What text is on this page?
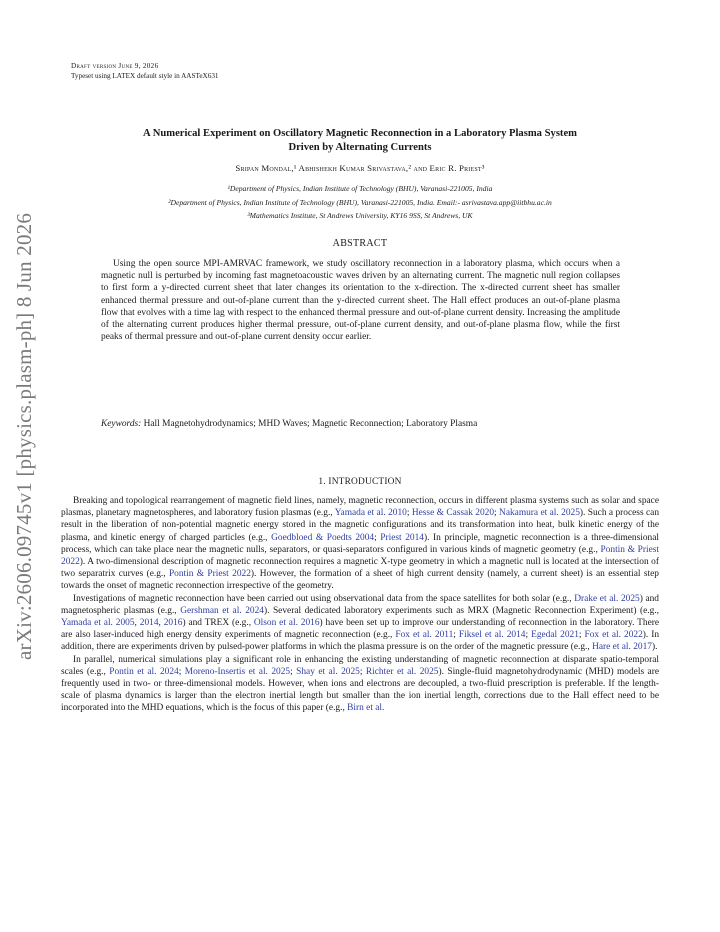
arXiv:2606.09745v1 [physics.plasm-ph] 8 Jun 2026
Draft version June 9, 2026
Typeset using LATEX default style in AASTeX631
A Numerical Experiment on Oscillatory Magnetic Reconnection in a Laboratory Plasma System
Driven by Alternating Currents
Sripan Mondal,¹ Abhishekh Kumar Srivastava,² and Eric R. Priest³
¹Department of Physics, Indian Institute of Technology (BHU), Varanasi-221005, India
²Department of Physics, Indian Institute of Technology (BHU), Varanasi-221005, India. Email:- asrivastava.app@iitbhu.ac.in
³Mathematics Institute, St Andrews University, KY16 9SS, St Andrews, UK
ABSTRACT
Using the open source MPI-AMRVAC framework, we study oscillatory reconnection in a laboratory plasma, which occurs when a magnetic null is perturbed by incoming fast magnetoacoustic waves driven by an alternating current. The magnetic null region collapses to first form a y-directed current sheet that later changes its orientation to the x-direction. The x-directed current sheet has smaller enhanced thermal pressure and out-of-plane current than the y-directed current sheet. The Hall effect produces an out-of-plane plasma flow that evolves with a time lag with respect to the enhanced thermal pressure and out-of-plane current density. Increasing the amplitude of the alternating current produces higher thermal pressure, out-of-plane current density, and out-of-plane plasma flow, while the first peaks of thermal pressure and out-of-plane current density occur earlier.
Keywords: Hall Magnetohydrodynamics; MHD Waves; Magnetic Reconnection; Laboratory Plasma
1. INTRODUCTION

Breaking and topological rearrangement of magnetic field lines, namely, magnetic reconnection, occurs in different plasma systems such as solar and space plasmas, planetary magnetospheres, and laboratory fusion plasmas (e.g., Yamada et al. 2010; Hesse & Cassak 2020; Nakamura et al. 2025). Such a process can result in the liberation of non-potential magnetic energy stored in the magnetic configurations and its transformation into heat, bulk kinetic energy of the plasma, and kinetic energy of charged particles (e.g., Goedbloed & Poedts 2004; Priest 2014). In principle, magnetic reconnection is a three-dimensional process, which can take place near the magnetic nulls, separators, or quasi-separators configured in various kinds of magnetic geometry (e.g., Pontin & Priest 2022). A two-dimensional description of magnetic reconnection requires a magnetic X-type geometry in which a magnetic null is located at the intersection of two separatrix curves (e.g., Pontin & Priest 2022). However, the formation of a sheet of high current density (namely, a current sheet) is an essential step towards the onset of magnetic reconnection irrespective of the geometry.

Investigations of magnetic reconnection have been carried out using observational data from the space satellites for both solar (e.g., Drake et al. 2025) and magnetospheric plasmas (e.g., Gershman et al. 2024). Several dedicated laboratory experiments such as MRX (Magnetic Reconnection Experiment) (e.g., Yamada et al. 2005, 2014, 2016) and TREX (e.g., Olson et al. 2016) have been set up to improve our understanding of reconnection in the laboratory. There are also laser-induced high energy density experiments of magnetic reconnection (e.g., Fox et al. 2011; Fiksel et al. 2014; Egedal 2021; Fox et al. 2022). In addition, there are experiments driven by pulsed-power platforms in which the plasma pressure is on the order of the magnetic pressure (e.g., Hare et al. 2017).

In parallel, numerical simulations play a significant role in enhancing the existing understanding of magnetic reconnection at disparate spatio-temporal scales (e.g., Pontin et al. 2024; Moreno-Insertis et al. 2025; Shay et al. 2025; Richter et al. 2025). Single-fluid magnetohydrodynamic (MHD) models are frequently used in two- or three-dimensional models. However, when ions and electrons are decoupled, a two-fluid prescription is preferable. If the length-scale of plasma dynamics is larger than the electron inertial length but smaller than the ion inertial length, corrections due to the Hall effect need to be incorporated into the MHD equations, which is the focus of this paper (e.g., Birn et al.
